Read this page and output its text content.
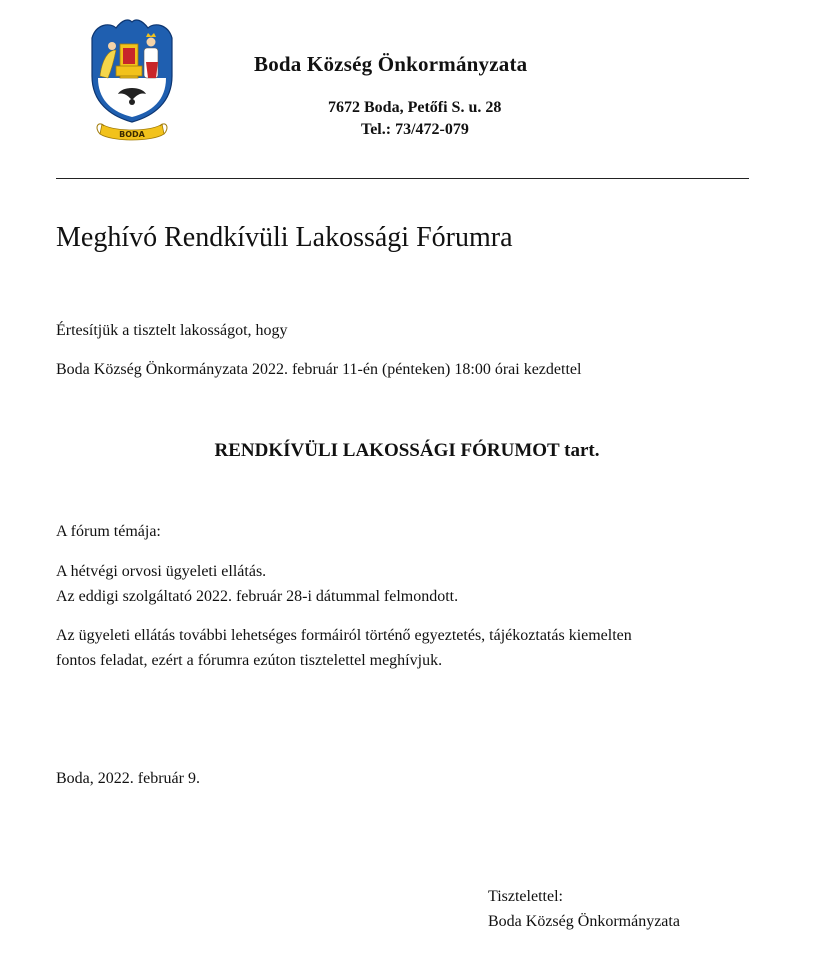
BODA
Boda Község Önkormányzata
7672 Boda, Petőfi S. u. 28
Tel.: 73/472-079
Meghívó Rendkívüli Lakossági Fórumra
Értesítjük a tisztelt lakosságot, hogy
Boda Község Önkormányzata 2022. február 11-én (pénteken) 18:00 órai kezdettel
RENDKÍVÜLI LAKOSSÁGI FÓRUMOT tart.
A fórum témája:
A hétvégi orvosi ügyeleti ellátás.
Az eddigi szolgáltató 2022. február 28-i dátummal felmondott.
Az ügyeleti ellátás további lehetséges formáiról történő egyeztetés, tájékoztatás kiemelten
fontos feladat, ezért a fórumra ezúton tisztelettel meghívjuk.
Boda, 2022. február 9.
Tisztelettel:
Boda Község Önkormányzata
